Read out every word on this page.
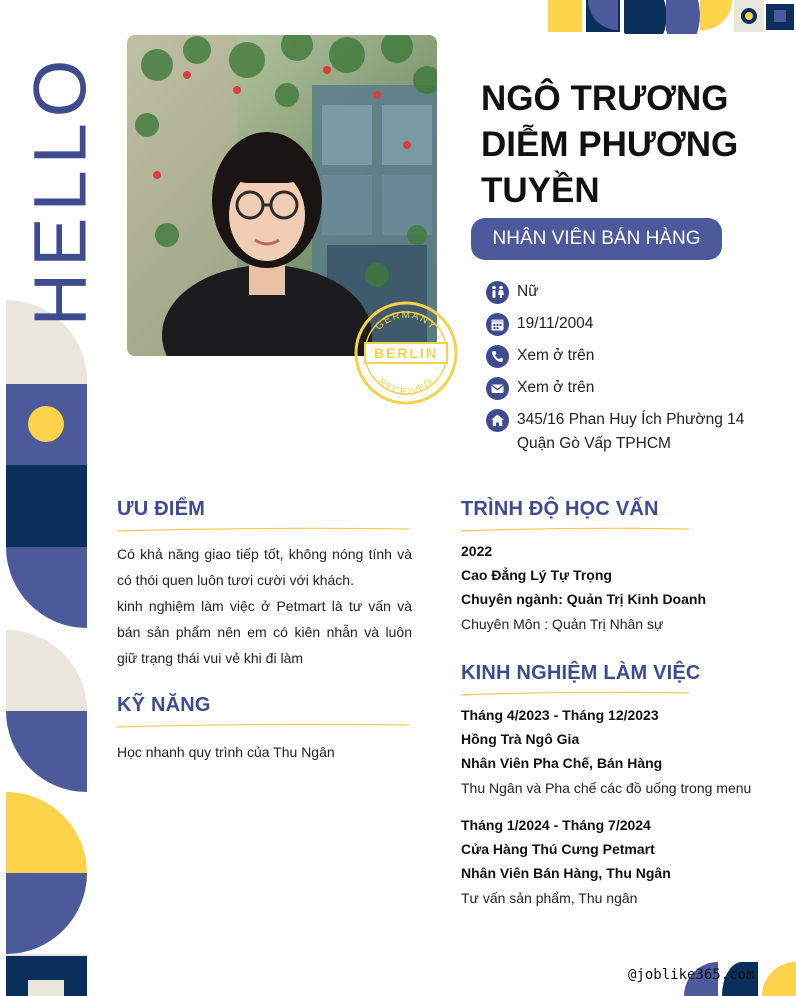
HELLO	GERMANY
BERLIN
RECEIVED
NGÔ TRƯƠNG
DIỄM PHƯƠNG
TUYỀN
NHÂN VIÊN BÁN HÀNG
Nữ
19/11/2004
Xem ở trên
Xem ở trên
345/16 Phan Huy Ích Phường 14 Quận Gò Vấp TPHCM
ƯU ĐIỂM

Có khả năng giao tiếp tốt, không nóng tính và có thói quen luôn tươi cười với khách.

kinh nghiệm làm việc ở Petmart là tư vấn và bán sản phẩm nên em có kiên nhẫn và luôn giữ trạng thái vui vẻ khi đi làm

KỸ NĂNG

Học nhanh quy trình của Thu Ngân

TRÌNH ĐỘ HỌC VẤN
2022
Cao Đẳng Lý Tự Trọng
Chuyên ngành: Quản Trị Kinh Doanh
Chuyên Môn : Quản Trị Nhân sự
KINH NGHIỆM LÀM VIỆC
Tháng 4/2023 - Tháng 12/2023
Hồng Trà Ngô Gia
Nhân Viên Pha Chế, Bán Hàng
Thu Ngân và Pha chế các đồ uống trong menu
Tháng 1/2024 - Tháng 7/2024
Cửa Hàng Thú Cưng Petmart
Nhân Viên Bán Hàng, Thu Ngân
Tư vấn sản phẩm, Thu ngân
@joblike365.com
